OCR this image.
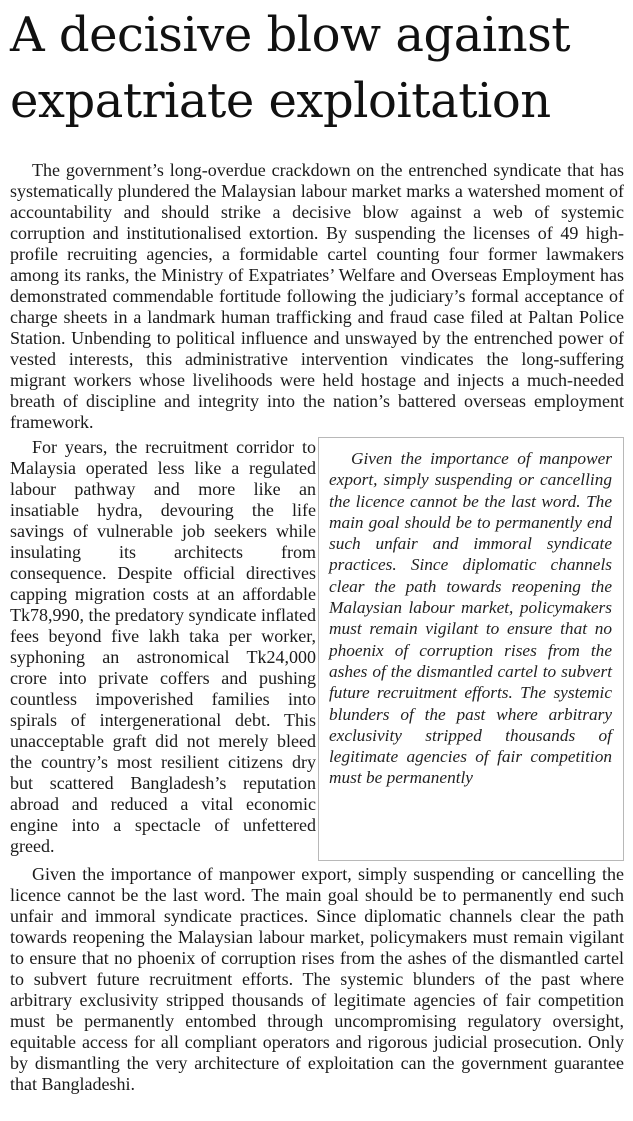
A decisive blow against expatriate exploitation

The government’s long-overdue crackdown on the entrenched syndicate that has systematically plundered the Malaysian labour market marks a watershed moment of accountability and should strike a decisive blow against a web of systemic corruption and institutionalised extortion. By suspending the licenses of 49 high-profile recruiting agencies, a formidable cartel counting four former lawmakers among its ranks, the Ministry of Expatriates’ Welfare and Overseas Employment has demonstrated commendable fortitude following the judiciary’s formal acceptance of charge sheets in a landmark human trafficking and fraud case filed at Paltan Police Station. Unbending to political influence and unswayed by the entrenched power of vested interests, this administrative intervention vindicates the long-suffering migrant workers whose livelihoods were held hostage and injects a much-needed breath of discipline and integrity into the nation’s battered overseas employment framework.

For years, the recruitment corridor to Malaysia operated less like a regulated labour pathway and more like an insatiable hydra, devouring the life savings of vulnerable job seekers while insulating its architects from consequence. Despite official directives capping migration costs at an affordable Tk78,990, the predatory syndicate inflated fees beyond five lakh taka per worker, syphoning an astronomical Tk24,000 crore into private coffers and pushing countless impoverished families into spirals of intergenerational debt. This unacceptable graft did not merely bleed the country’s most resilient citizens dry but scattered Bangladesh’s reputation abroad and reduced a vital economic engine into a spectacle of unfettered greed.

Given the importance of manpower export, simply suspending or cancelling the licence cannot be the last word. The main goal should be to permanently end such unfair and immoral syndicate practices. Since diplomatic channels clear the path towards reopening the Malaysian labour market, policymakers must remain vigilant to ensure that no phoenix of corruption rises from the ashes of the dismantled cartel to subvert future recruitment efforts. The systemic blunders of the past where arbitrary exclusivity stripped thousands of legitimate agencies of fair competition must be permanently

Given the importance of manpower export, simply suspending or cancelling the licence cannot be the last word. The main goal should be to permanently end such unfair and immoral syndicate practices. Since diplomatic channels clear the path towards reopening the Malaysian labour market, policymakers must remain vigilant to ensure that no phoenix of corruption rises from the ashes of the dismantled cartel to subvert future recruitment efforts. The systemic blunders of the past where arbitrary exclusivity stripped thousands of legitimate agencies of fair competition must be permanently entombed through uncompromising regulatory oversight, equitable access for all compliant operators and rigorous judicial prosecution. Only by dismantling the very architecture of exploitation can the government guarantee that Bangladeshi.
